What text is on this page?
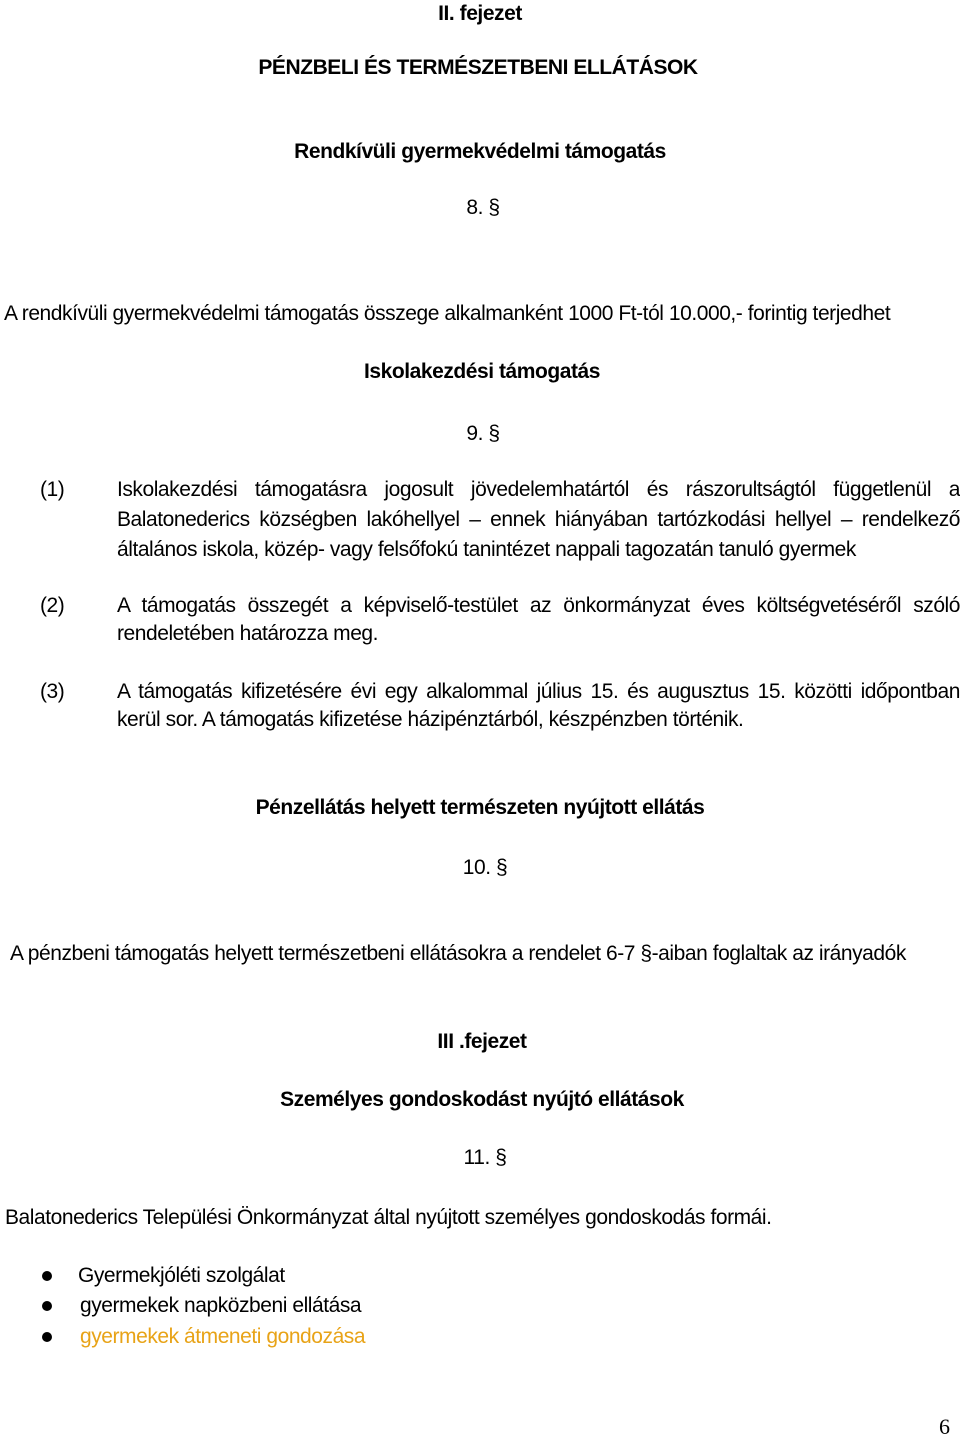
II. fejezet
PÉNZBELI ÉS TERMÉSZETBENI ELLÁTÁSOK
Rendkívüli gyermekvédelmi támogatás
8. §
A rendkívüli gyermekvédelmi támogatás összege alkalmanként 1000 Ft-tól 10.000,- forintig terjedhet
Iskolakezdési támogatás
9. §
(1)	Iskolakezdési támogatásra jogosult jövedelemhatártól és rászorultságtól függetlenül a
Balatonederics községben lakóhellyel – ennek hiányában tartózkodási hellyel – rendelkező
általános iskola, közép- vagy felsőfokú tanintézet nappali tagozatán tanuló gyermek
(2)	A támogatás összegét a képviselő-testület az önkormányzat éves költségvetéséről szóló
rendeletében határozza meg.
(3)	A támogatás kifizetésére évi egy alkalommal július 15. és augusztus 15. közötti időpontban
kerül sor. A támogatás kifizetése házipénztárból, készpénzben történik.
Pénzellátás helyett természeten nyújtott ellátás
10. §
A pénzbeni támogatás helyett természetbeni ellátásokra a rendelet 6-7 §-aiban foglaltak az irányadók
III .fejezet
Személyes gondoskodást nyújtó ellátások
11. §
Balatonederics Települési Önkormányzat által nyújtott személyes gondoskodás formái.
Gyermekjóléti szolgálat
gyermekek napközbeni ellátása
gyermekek átmeneti gondozása
6
